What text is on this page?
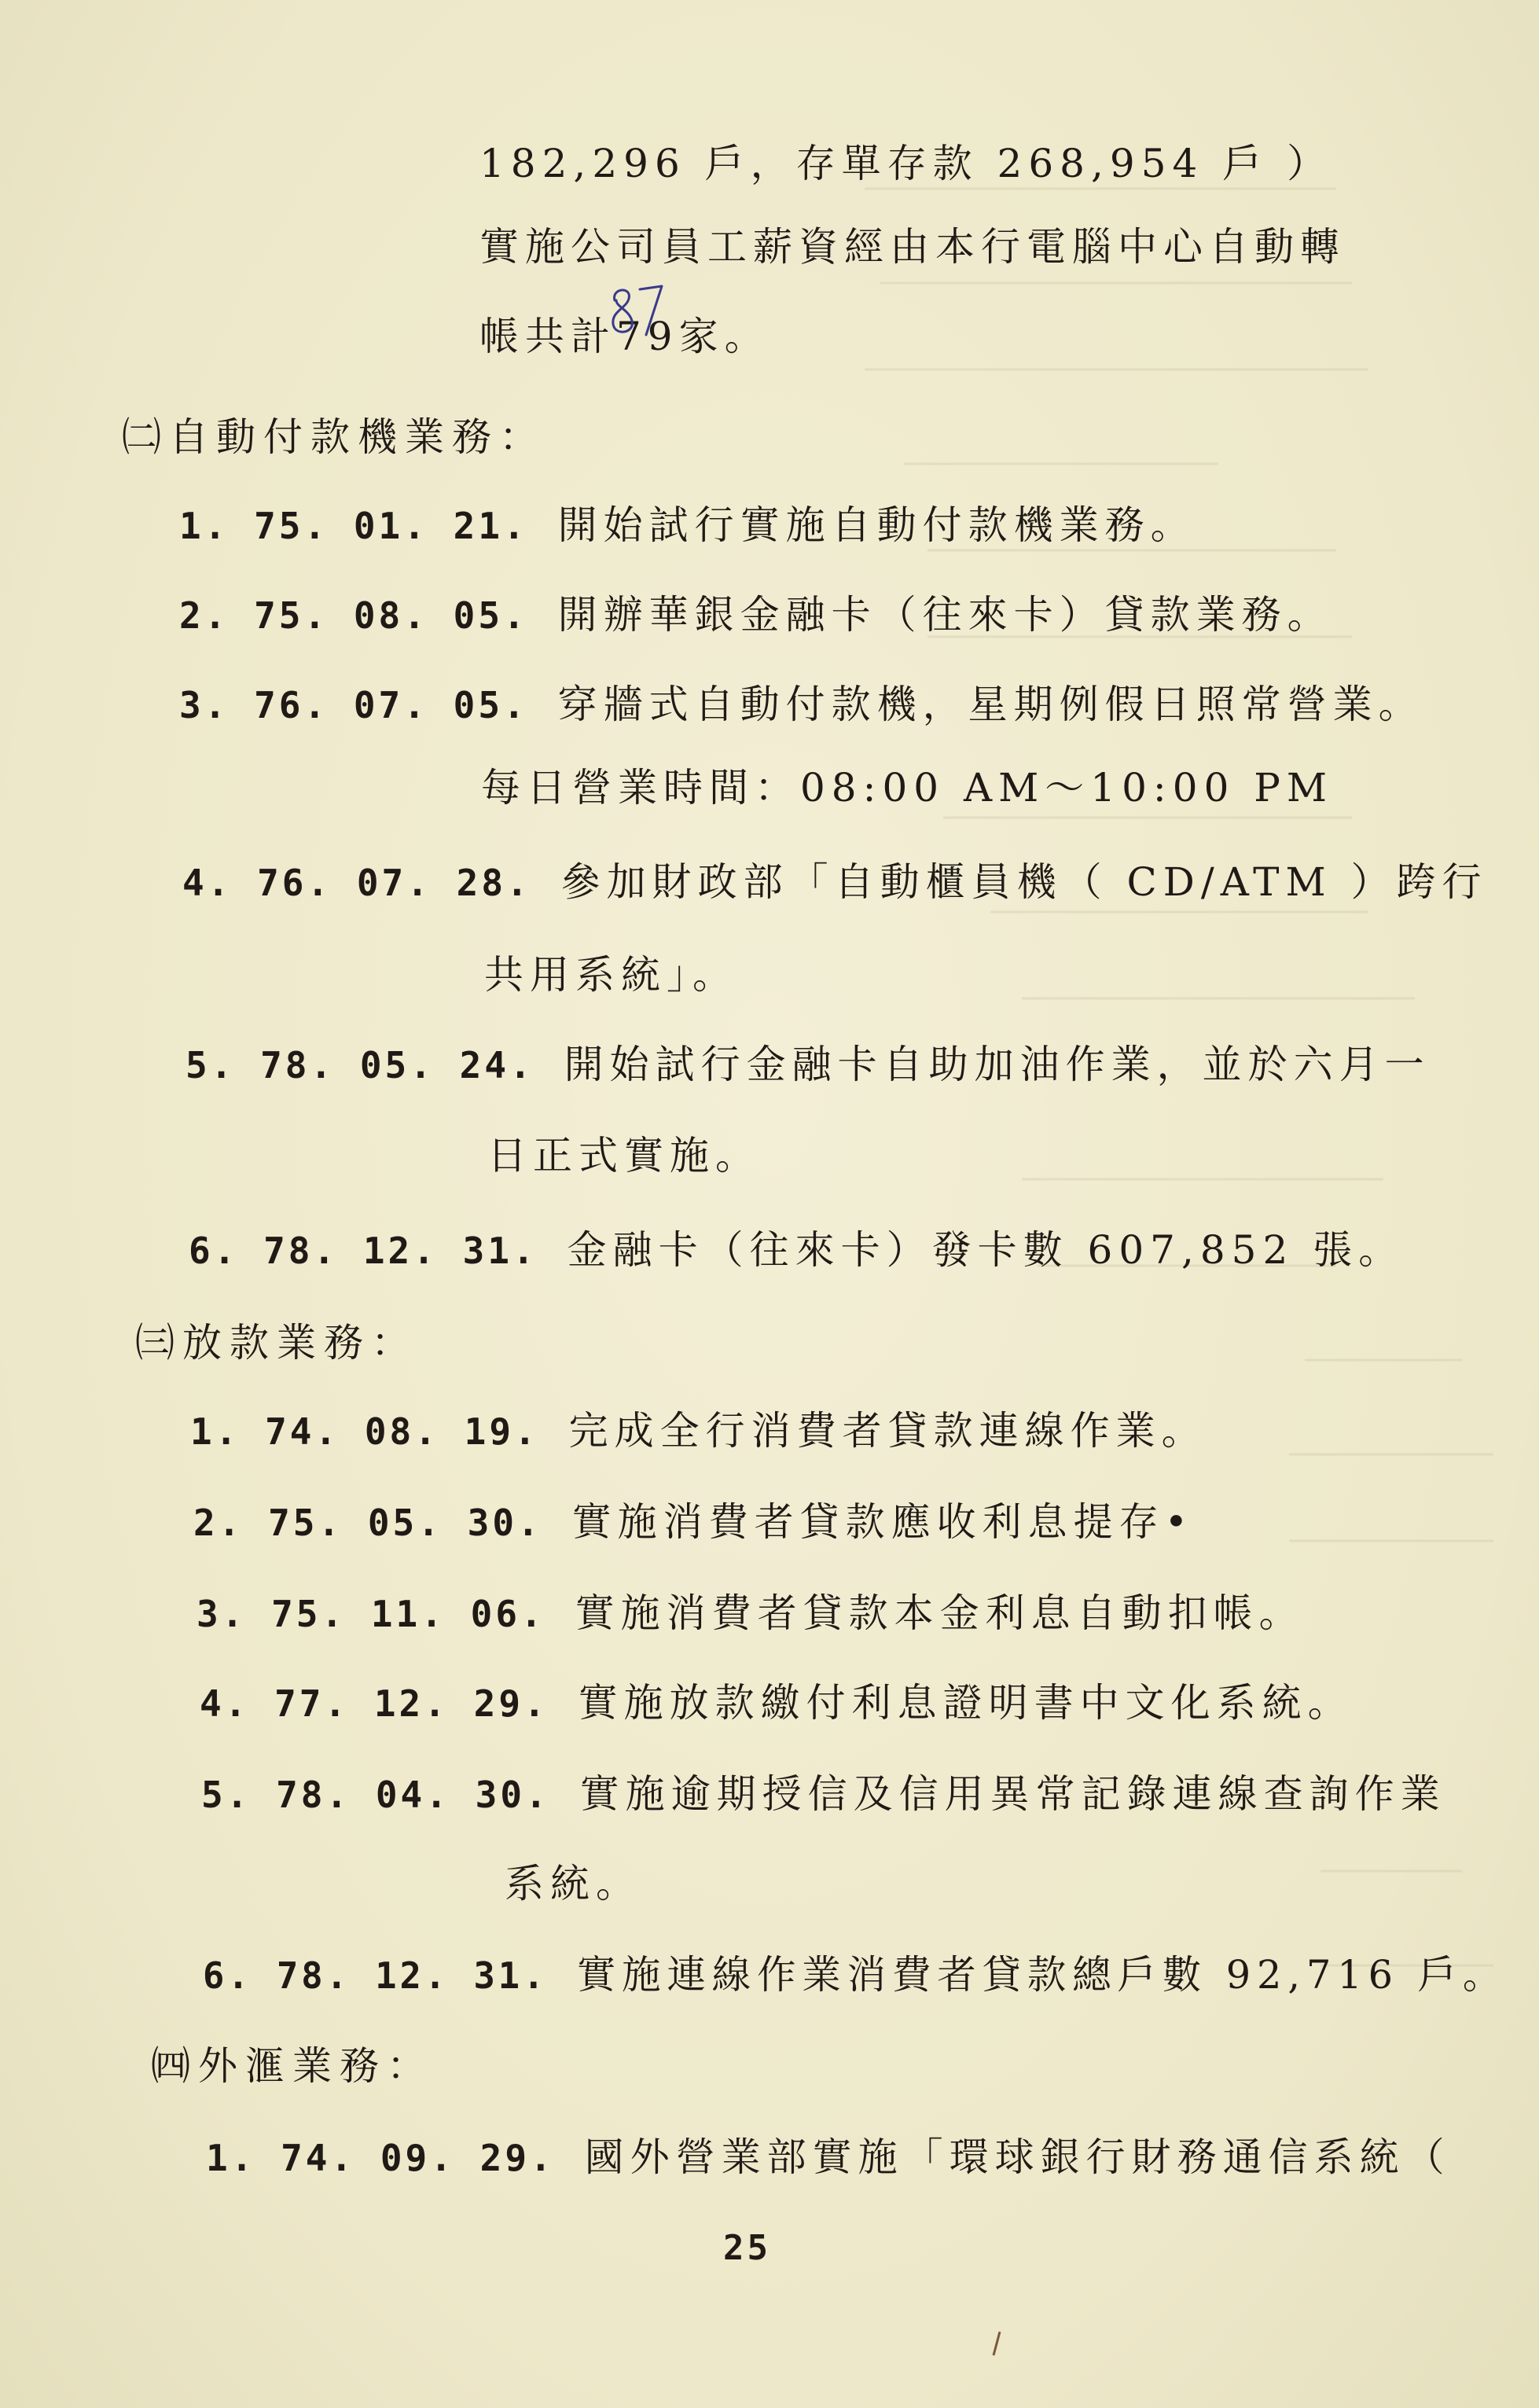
182,296 戶，存單存款 268,954 戶 ）
實施公司員工薪資經由本行電腦中心自動轉
帳共計79家。
㈡自動付款機業務：
1. 75. 01. 21. 開始試行實施自動付款機業務。
2. 75. 08. 05. 開辦華銀金融卡（往來卡）貸款業務。
3. 76. 07. 05. 穿牆式自動付款機，星期例假日照常營業。
每日營業時間：08:00 AM～10:00 PM
4. 76. 07. 28. 參加財政部「自動櫃員機（ CD/ATM ）跨行
共用系統」。
5. 78. 05. 24. 開始試行金融卡自助加油作業，並於六月一
日正式實施。
6. 78. 12. 31. 金融卡（往來卡）發卡數 607,852 張。
㈢放款業務：
1. 74. 08. 19. 完成全行消費者貸款連線作業。
2. 75. 05. 30. 實施消費者貸款應收利息提存•
3. 75. 11. 06. 實施消費者貸款本金利息自動扣帳。
4. 77. 12. 29. 實施放款繳付利息證明書中文化系統。
5. 78. 04. 30. 實施逾期授信及信用異常記錄連線查詢作業
系統。
6. 78. 12. 31. 實施連線作業消費者貸款總戶數 92,716 戶。
㈣外滙業務：
1. 74. 09. 29. 國外營業部實施「環球銀行財務通信系統（
25
